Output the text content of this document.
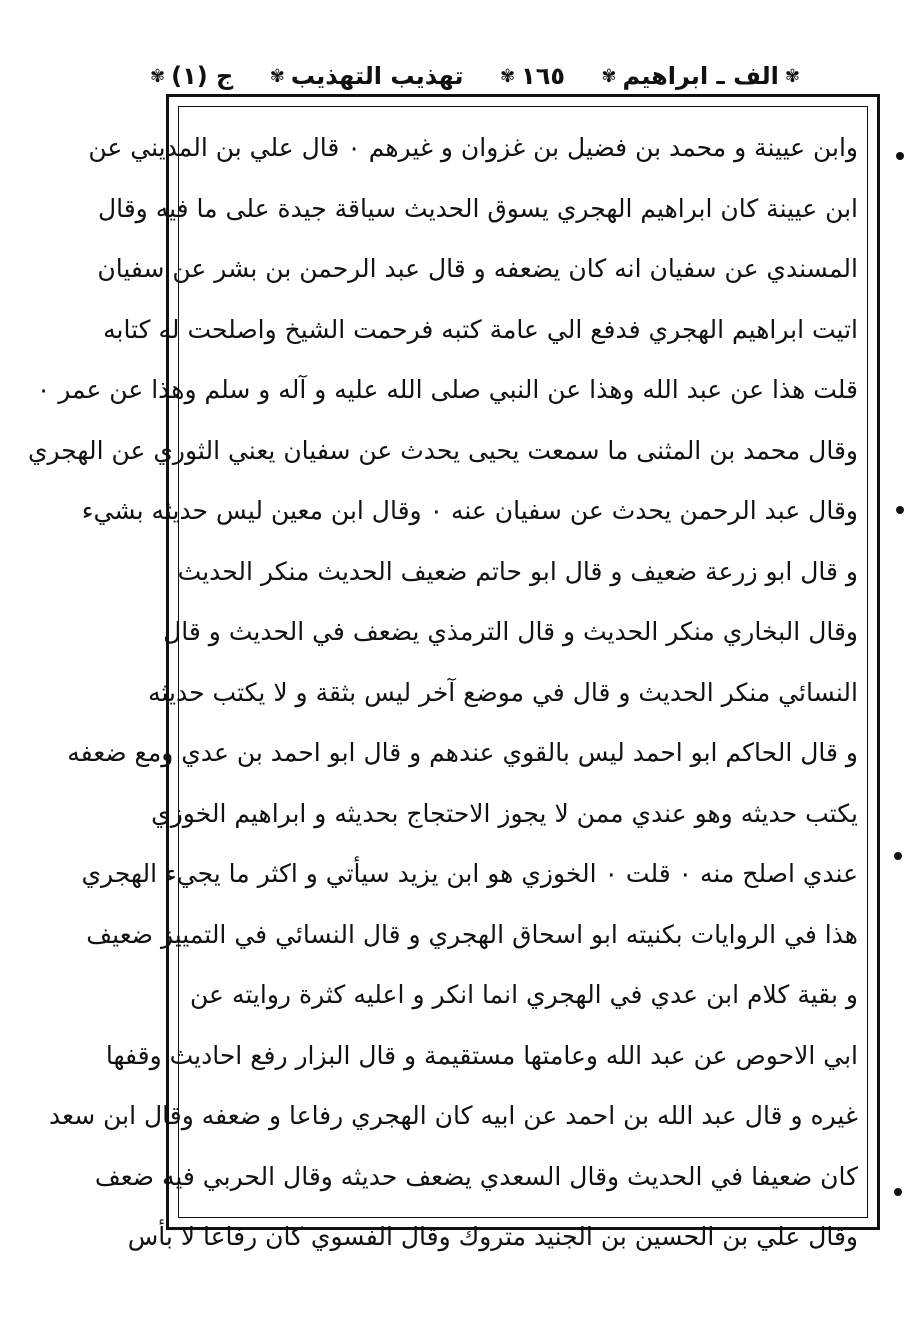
ج (١)
✾	تهذيب التهذيب
✾	١٦٥
✾	✾
الف ـ ابراهيم
✾
وابن عيينة و محمد بن فضيل بن غزوان و غيرهم ٠ قال علي بن المديني عن
ابن عيينة كان ابراهيم الهجري يسوق الحديث سياقة جيدة على ما فيه وقال
المسندي عن سفيان انه كان يضعفه و قال عبد الرحمن بن بشر عن سفيان
اتيت ابراهيم الهجري فدفع الي عامة كتبه فرحمت الشيخ واصلحت له كتابه
قلت هذا عن عبد الله وهذا عن النبي صلى الله عليه و آله و سلم وهذا عن عمر ٠
وقال محمد بن المثنى ما سمعت يحيى يحدث عن سفيان يعني الثوري عن الهجري
وقال عبد الرحمن يحدث عن سفيان عنه ٠ وقال ابن معين ليس حديثه بشيء
و قال ابو زرعة ضعيف و قال ابو حاتم ضعيف الحديث منكر الحديث
وقال البخاري منكر الحديث و قال الترمذي يضعف في الحديث و قال
النسائي منكر الحديث و قال في موضع آخر ليس بثقة و لا يكتب حديثه
و قال الحاكم ابو احمد ليس بالقوي عندهم و قال ابو احمد بن عدي ومع ضعفه
يكتب حديثه وهو عندي ممن لا يجوز الاحتجاج بحديثه و ابراهيم الخوزي
عندي اصلح منه ٠ قلت ٠ الخوزي هو ابن يزيد سيأتي و اكثر ما يجيء الهجري
هذا في الروايات بكنيته ابو اسحاق الهجري و قال النسائي في التمييز ضعيف
و بقية كلام ابن عدي في الهجري انما انكر و اعليه كثرة روايته عن
ابي الاحوص عن عبد الله وعامتها مستقيمة و قال البزار رفع احاديث وقفها
غيره و قال عبد الله بن احمد عن ابيه كان الهجري رفاعا و ضعفه وقال ابن سعد
كان ضعيفا في الحديث وقال السعدي يضعف حديثه وقال الحربي فيه ضعف
وقال علي بن الحسين بن الجنيد متروك وقال الفسوي كان رفاعا لا بأس
